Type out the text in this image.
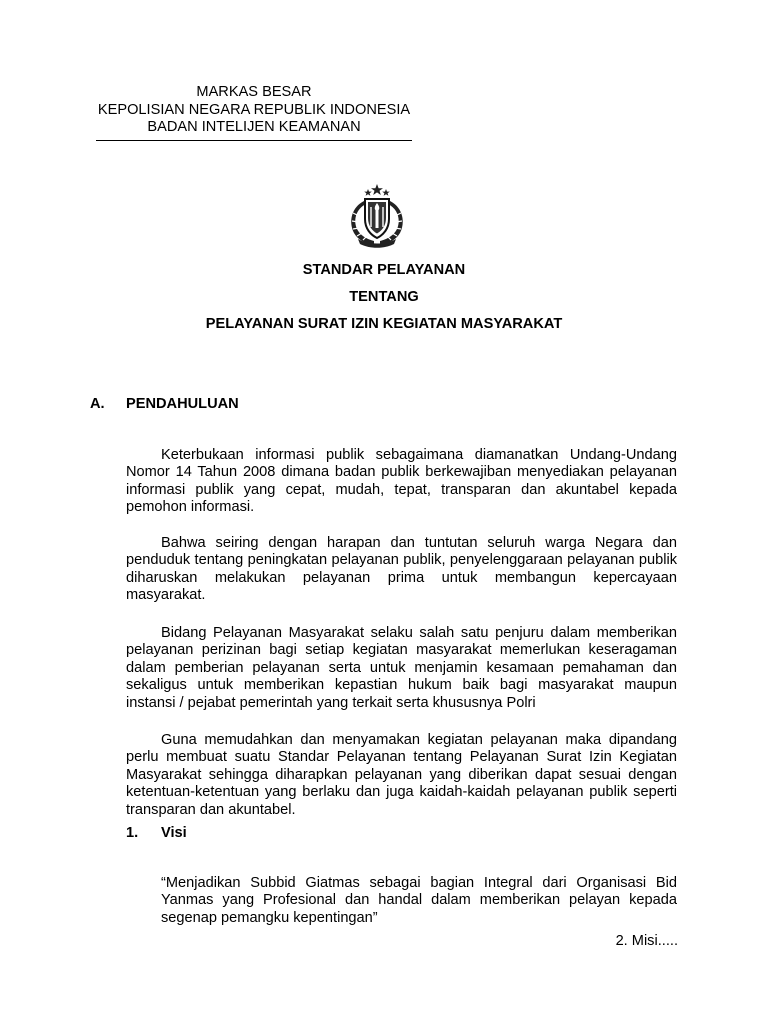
MARKAS BESAR
KEPOLISIAN NEGARA REPUBLIK INDONESIA
BADAN INTELIJEN KEAMANAN
STANDAR PELAYANAN
TENTANG
PELAYANAN SURAT IZIN KEGIATAN MASYARAKAT
A.	PENDAHULUAN

Keterbukaan informasi publik sebagaimana diamanatkan Undang-Undang Nomor 14 Tahun 2008 dimana badan publik berkewajiban menyediakan pelayanan informasi publik yang cepat, mudah, tepat, transparan dan akuntabel kepada pemohon informasi.

Bahwa seiring dengan harapan dan tuntutan seluruh warga Negara dan penduduk tentang peningkatan pelayanan publik, penyelenggaraan pelayanan publik diharuskan melakukan pelayanan prima untuk membangun kepercayaan masyarakat.

Bidang Pelayanan Masyarakat selaku salah satu penjuru dalam memberikan pelayanan perizinan bagi setiap kegiatan masyarakat memerlukan keseragaman dalam pemberian pelayanan serta untuk menjamin kesamaan pemahaman dan sekaligus untuk memberikan kepastian hukum baik bagi masyarakat maupun instansi / pejabat pemerintah yang terkait serta khususnya Polri

Guna memudahkan dan menyamakan kegiatan pelayanan maka dipandang perlu membuat suatu Standar Pelayanan tentang Pelayanan Surat Izin Kegiatan Masyarakat sehingga diharapkan pelayanan yang diberikan dapat sesuai dengan ketentuan-ketentuan yang berlaku dan juga kaidah-kaidah pelayanan publik seperti transparan dan akuntabel.

1.	Visi

“Menjadikan Subbid Giatmas sebagai bagian Integral dari Organisasi Bid Yanmas yang Profesional dan handal dalam memberikan pelayan kepada segenap pemangku kepentingan”

2. Misi.....
